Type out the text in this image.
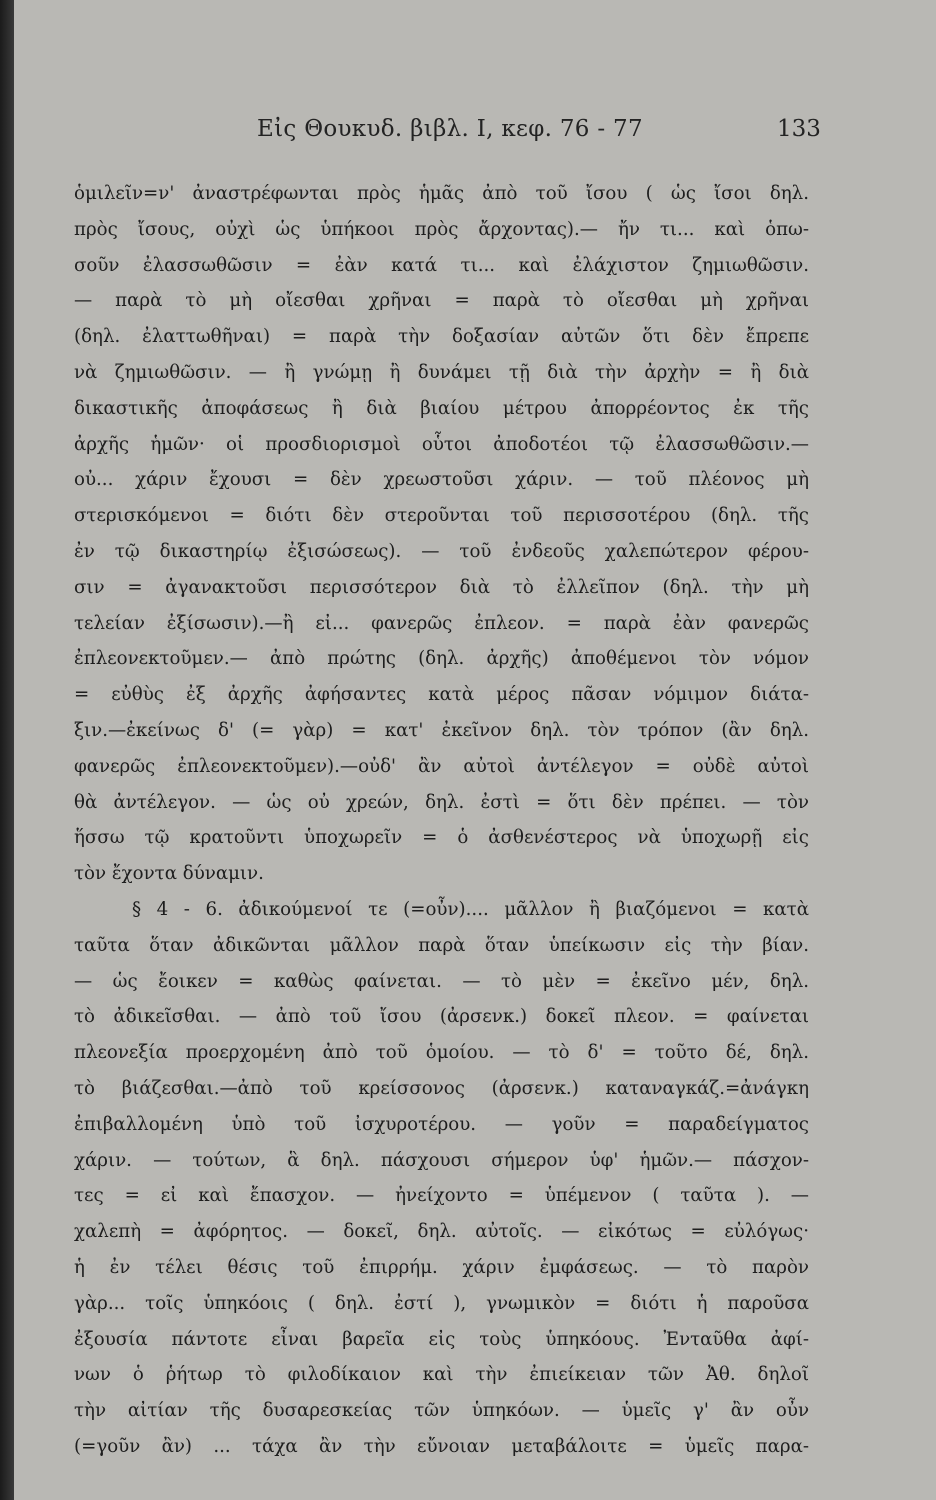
Εἰς Θουκυδ. βιβλ. I, κεφ. 76 - 77	133
ὁμιλεῖν=ν' ἀναστρέφωνται πρὸς ἡμᾶς ἀπὸ τοῦ ἴσου ( ὡς ἴσοι δηλ.
πρὸς ἴσους, οὐχὶ ὡς ὑπήκοοι πρὸς ἄρχοντας).— ἤν τι... καὶ ὁπω-
σοῦν ἐλασσωθῶσιν = ἐὰν κατά τι... καὶ ἐλάχιστον ζημιωθῶσιν.
— παρὰ τὸ μὴ οἴεσθαι χρῆναι = παρὰ τὸ οἴεσθαι μὴ χρῆναι
(δηλ. ἐλαττωθῆναι) = παρὰ τὴν δοξασίαν αὐτῶν ὅτι δὲν ἔπρεπε
νὰ ζημιωθῶσιν. — ἢ γνώμῃ ἢ δυνάμει τῇ διὰ τὴν ἀρχὴν = ἢ διὰ
δικαστικῆς ἀποφάσεως ἢ διὰ βιαίου μέτρου ἀπορρέοντος ἐκ τῆς
ἀρχῆς ἡμῶν· οἱ προσδιορισμοὶ οὗτοι ἀποδοτέοι τῷ ἐλασσωθῶσιν.—
οὐ... χάριν ἔχουσι = δὲν χρεωστοῦσι χάριν. — τοῦ πλέονος μὴ
στερισκόμενοι = διότι δὲν στεροῦνται τοῦ περισσοτέρου (δηλ. τῆς
ἐν τῷ δικαστηρίῳ ἐξισώσεως). — τοῦ ἐνδεοῦς χαλεπώτερον φέρου-
σιν = ἀγανακτοῦσι περισσότερον διὰ τὸ ἐλλεῖπον (δηλ. τὴν μὴ
τελείαν ἐξίσωσιν).—ἢ εἰ... φανερῶς ἐπλεον. = παρὰ ἐὰν φανερῶς
ἐπλεονεκτοῦμεν.— ἀπὸ πρώτης (δηλ. ἀρχῆς) ἀποθέμενοι τὸν νόμον
= εὐθὺς ἐξ ἀρχῆς ἀφήσαντες κατὰ μέρος πᾶσαν νόμιμον διάτα-
ξιν.—ἐκείνως δ' (= γὰρ) = κατ' ἐκεῖνον δηλ. τὸν τρόπον (ἂν δηλ.
φανερῶς ἐπλεονεκτοῦμεν).—οὐδ' ἂν αὐτοὶ ἀντέλεγον = οὐδὲ αὐτοὶ
θὰ ἀντέλεγον. — ὡς οὐ χρεών, δηλ. ἐστὶ = ὅτι δὲν πρέπει. — τὸν
ἥσσω τῷ κρατοῦντι ὑποχωρεῖν = ὁ ἀσθενέστερος νὰ ὑποχωρῇ εἰς
τὸν ἔχοντα δύναμιν.
§ 4 - 6. ἀδικούμενοί τε (=οὖν).... μᾶλλον ἢ βιαζόμενοι = κατὰ
ταῦτα ὅταν ἀδικῶνται μᾶλλον παρὰ ὅταν ὑπείκωσιν εἰς τὴν βίαν.
— ὡς ἔοικεν = καθὼς φαίνεται. — τὸ μὲν = ἐκεῖνο μέν, δηλ.
τὸ ἀδικεῖσθαι. — ἀπὸ τοῦ ἴσου (ἀρσενκ.) δοκεῖ πλεον. = φαίνεται
πλεονεξία προερχομένη ἀπὸ τοῦ ὁμοίου. — τὸ δ' = τοῦτο δέ, δηλ.
τὸ βιάζεσθαι.—ἀπὸ τοῦ κρείσσονος (ἀρσενκ.) καταναγκάζ.=ἀνάγκη
ἐπιβαλλομένη ὑπὸ τοῦ ἰσχυροτέρου. — γοῦν = παραδείγματος
χάριν. — τούτων, ἃ δηλ. πάσχουσι σήμερον ὑφ' ἡμῶν.— πάσχον-
τες = εἰ καὶ ἔπασχον. — ἠνείχοντο = ὑπέμενον ( ταῦτα ). —
χαλεπὴ = ἀφόρητος. — δοκεῖ, δηλ. αὐτοῖς. — εἰκότως = εὐλόγως·
ἡ ἐν τέλει θέσις τοῦ ἐπιρρήμ. χάριν ἐμφάσεως. — τὸ παρὸν
γὰρ... τοῖς ὑπηκόοις ( δηλ. ἐστί ), γνωμικὸν = διότι ἡ παροῦσα
ἐξουσία πάντοτε εἶναι βαρεῖα εἰς τοὺς ὑπηκόους. Ἐνταῦθα ἀφί-
νων ὁ ῥήτωρ τὸ φιλοδίκαιον καὶ τὴν ἐπιείκειαν τῶν Ἀθ. δηλοῖ
τὴν αἰτίαν τῆς δυσαρεσκείας τῶν ὑπηκόων. — ὑμεῖς γ' ἂν οὖν
(=γοῦν ἂν) ... τάχα ἂν τὴν εὔνοιαν μεταβάλοιτε = ὑμεῖς παρα-
